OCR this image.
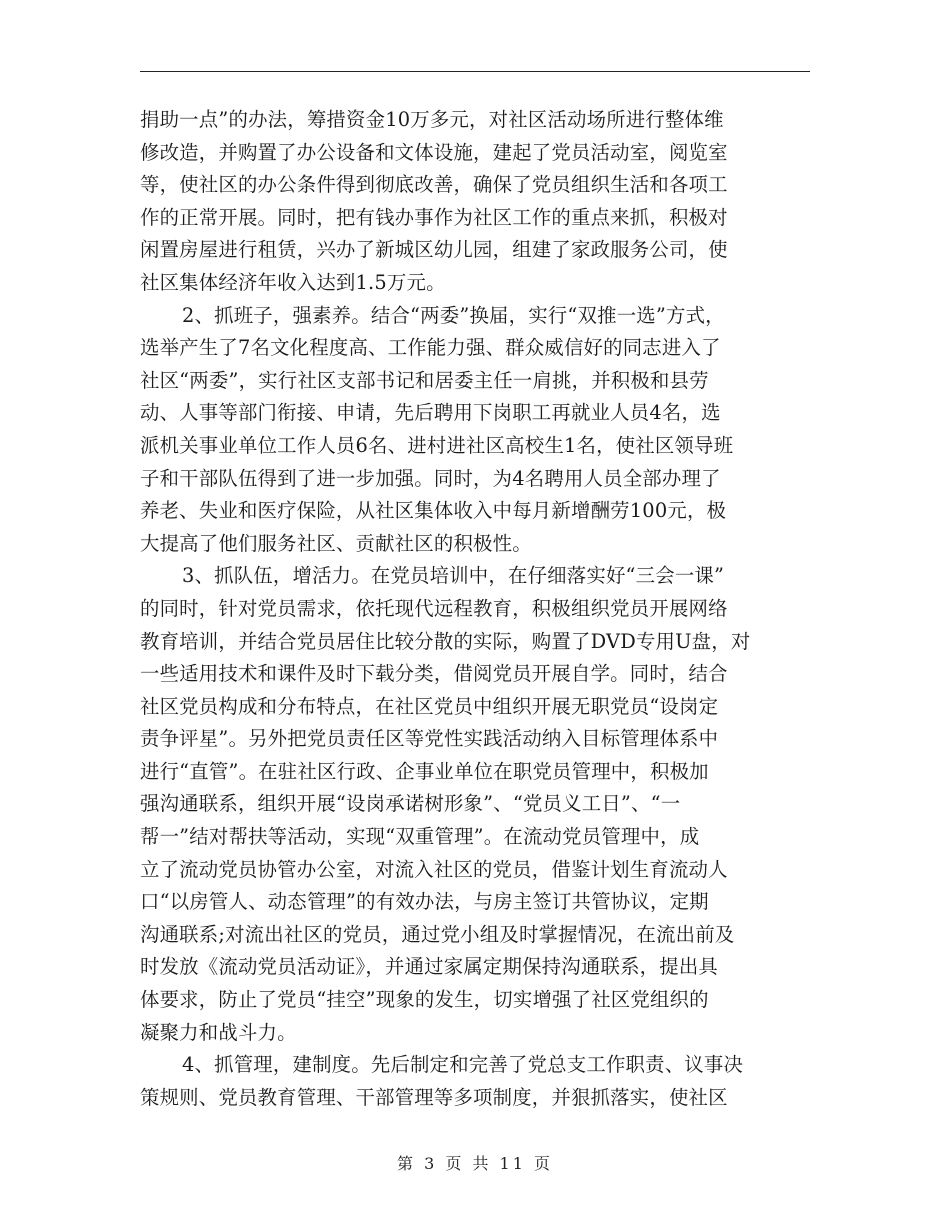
捐助一点”的办法，筹措资金10万多元，对社区活动场所进行整体维
修改造，并购置了办公设备和文体设施，建起了党员活动室，阅览室
等，使社区的办公条件得到彻底改善，确保了党员组织生活和各项工
作的正常开展。同时，把有钱办事作为社区工作的重点来抓，积极对
闲置房屋进行租赁，兴办了新城区幼儿园，组建了家政服务公司，使
社区集体经济年收入达到1.5万元。
2、抓班子，强素养。结合“两委”换届，实行“双推一选”方式，
选举产生了7名文化程度高、工作能力强、群众威信好的同志进入了
社区“两委”，实行社区支部书记和居委主任一肩挑，并积极和县劳
动、人事等部门衔接、申请，先后聘用下岗职工再就业人员4名，选
派机关事业单位工作人员6名、进村进社区高校生1名，使社区领导班
子和干部队伍得到了进一步加强。同时，为4名聘用人员全部办理了
养老、失业和医疗保险，从社区集体收入中每月新增酬劳100元，极
大提高了他们服务社区、贡献社区的积极性。
3、抓队伍，增活力。在党员培训中，在仔细落实好“三会一课”
的同时，针对党员需求，依托现代远程教育，积极组织党员开展网络
教育培训，并结合党员居住比较分散的实际，购置了DVD专用U盘，对
一些适用技术和课件及时下载分类，借阅党员开展自学。同时，结合
社区党员构成和分布特点，在社区党员中组织开展无职党员“设岗定
责争评星”。另外把党员责任区等党性实践活动纳入目标管理体系中
进行“直管”。在驻社区行政、企事业单位在职党员管理中，积极加
强沟通联系，组织开展“设岗承诺树形象”、“党员义工日”、“一
帮一”结对帮扶等活动，实现“双重管理”。在流动党员管理中，成
立了流动党员协管办公室，对流入社区的党员，借鉴计划生育流动人
口“以房管人、动态管理”的有效办法，与房主签订共管协议，定期
沟通联系;对流出社区的党员，通过党小组及时掌握情况，在流出前及
时发放《流动党员活动证》，并通过家属定期保持沟通联系，提出具
体要求，防止了党员“挂空”现象的发生，切实增强了社区党组织的
凝聚力和战斗力。
4、抓管理，建制度。先后制定和完善了党总支工作职责、议事决
策规则、党员教育管理、干部管理等多项制度，并狠抓落实，使社区
第 3 页 共 11 页
